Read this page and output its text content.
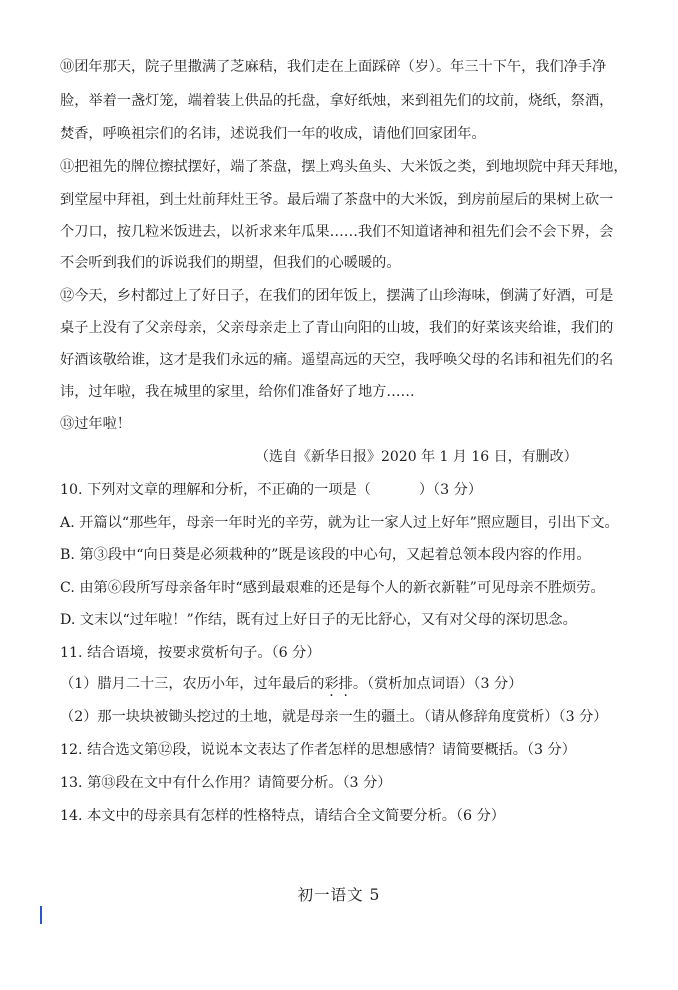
⑩团年那天，院子里撒满了芝麻秸，我们走在上面踩碎（岁）。年三十下午，我们净手净
脸，举着一盏灯笼，端着装上供品的托盘，拿好纸烛，来到祖先们的坟前，烧纸，祭酒，
焚香，呼唤祖宗们的名讳，述说我们一年的收成，请他们回家团年。
⑪把祖先的牌位擦拭摆好，端了茶盘，摆上鸡头鱼头、大米饭之类，到地坝院中拜天拜地，
到堂屋中拜祖，到土灶前拜灶王爷。最后端了茶盘中的大米饭，到房前屋后的果树上砍一
个刀口，按几粒米饭进去，以祈求来年瓜果……我们不知道诸神和祖先们会不会下界，会
不会听到我们的诉说我们的期望，但我们的心暖暖的。
⑫今天，乡村都过上了好日子，在我们的团年饭上，摆满了山珍海味，倒满了好酒，可是
桌子上没有了父亲母亲，父亲母亲走上了青山向阳的山坡，我们的好菜该夹给谁，我们的
好酒该敬给谁，这才是我们永远的痛。遥望高远的天空，我呼唤父母的名讳和祖先们的名
讳，过年啦，我在城里的家里，给你们准备好了地方……
⑬过年啦！
（选自《新华日报》2020 年 1 月 16 日，有删改）
10. 下列对文章的理解和分析，不正确的一项是（	）（3 分）
A. 开篇以“那些年，母亲一年时光的辛劳，就为让一家人过上好年”照应题目，引出下文。
B. 第③段中“向日葵是必须栽种的”既是该段的中心句，又起着总领本段内容的作用。
C. 由第⑥段所写母亲备年时“感到最艰难的还是每个人的新衣新鞋”可见母亲不胜烦劳。
D. 文末以“过年啦！”作结，既有过上好日子的无比舒心，又有对父母的深切思念。
11. 结合语境，按要求赏析句子。（6 分）
（1）腊月二十三，农历小年，过年最后的彩排。（赏析加点词语）（3 分）
（2）那一块块被锄头挖过的土地，就是母亲一生的疆土。（请从修辞角度赏析）（3 分）
12. 结合选文第⑫段，说说本文表达了作者怎样的思想感情？请简要概括。（3 分）
13. 第⑬段在文中有什么作用？请简要分析。（3 分）
14. 本文中的母亲具有怎样的性格特点，请结合全文简要分析。（6 分）
初一语文 5
